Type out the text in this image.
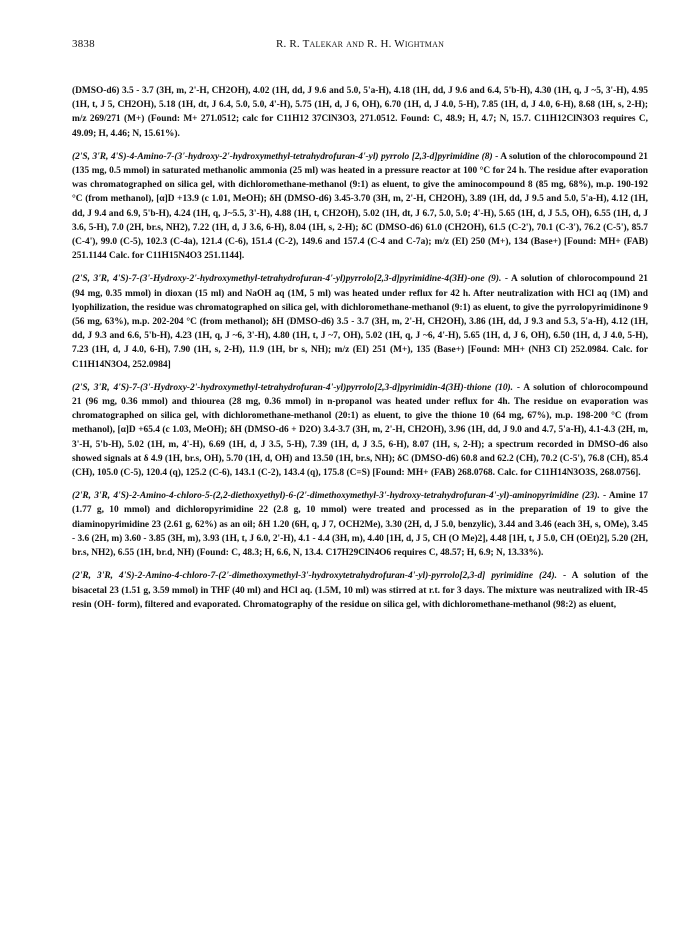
3838	R. R. Talekar and R. H. Wightman

(DMSO-d6) 3.5 - 3.7 (3H, m, 2'-H, CH2OH), 4.02 (1H, dd, J 9.6 and 5.0, 5'a-H), 4.18 (1H, dd, J 9.6 and 6.4, 5'b-H), 4.30 (1H, q, J ~5, 3'-H), 4.95 (1H, t, J 5, CH2OH), 5.18 (1H, dt, J 6.4, 5.0, 5.0, 4'-H), 5.75 (1H, d, J 6, OH), 6.70 (1H, d, J 4.0, 5-H), 7.85 (1H, d, J 4.0, 6-H), 8.68 (1H, s, 2-H); m/z 269/271 (M+) (Found: M+ 271.0512; calc for C11H12 37ClN3O3, 271.0512. Found: C, 48.9; H, 4.7; N, 15.7. C11H12ClN3O3 requires C, 49.09; H, 4.46; N, 15.61%).

(2'S, 3'R, 4'S)-4-Amino-7-(3'-hydroxy-2'-hydroxymethyl-tetrahydrofuran-4'-yl) pyrrolo [2,3-d]pyrimidine (8) - A solution of the chlorocompound 21 (135 mg, 0.5 mmol) in saturated methanolic ammonia (25 ml) was heated in a pressure reactor at 100 °C for 24 h. The residue after evaporation was chromatographed on silica gel, with dichloromethane-methanol (9:1) as eluent, to give the aminocompound 8 (85 mg, 68%), m.p. 190-192 °C (from methanol), [α]D +13.9 (c 1.01, MeOH); δH (DMSO-d6) 3.45-3.70 (3H, m, 2'-H, CH2OH), 3.89 (1H, dd, J 9.5 and 5.0, 5'a-H), 4.12 (1H, dd, J 9.4 and 6.9, 5'b-H), 4.24 (1H, q, J~5.5, 3'-H), 4.88 (1H, t, CH2OH), 5.02 (1H, dt, J 6.7, 5.0, 5.0; 4'-H), 5.65 (1H, d, J 5.5, OH), 6.55 (1H, d, J 3.6, 5-H), 7.0 (2H, br.s, NH2), 7.22 (1H, d, J 3.6, 6-H), 8.04 (1H, s, 2-H); δC (DMSO-d6) 61.0 (CH2OH), 61.5 (C-2'), 70.1 (C-3'), 76.2 (C-5'), 85.7 (C-4'), 99.0 (C-5), 102.3 (C-4a), 121.4 (C-6), 151.4 (C-2), 149.6 and 157.4 (C-4 and C-7a); m/z (EI) 250 (M+), 134 (Base+) [Found: MH+ (FAB) 251.1144 Calc. for C11H15N4O3 251.1144].

(2'S, 3'R, 4'S)-7-(3'-Hydroxy-2'-hydroxymethyl-tetrahydrofuran-4'-yl)pyrrolo[2,3-d]pyrimidine-4(3H)-one (9). - A solution of chlorocompound 21 (94 mg, 0.35 mmol) in dioxan (15 ml) and NaOH aq (1M, 5 ml) was heated under reflux for 42 h. After neutralization with HCl aq (1M) and lyophilization, the residue was chromatographed on silica gel, with dichloromethane-methanol (9:1) as eluent, to give the pyrrolopyrimidinone 9 (56 mg, 63%), m.p. 202-204 °C (from methanol); δH (DMSO-d6) 3.5 - 3.7 (3H, m, 2'-H, CH2OH), 3.86 (1H, dd, J 9.3 and 5.3, 5'a-H), 4.12 (1H, dd, J 9.3 and 6.6, 5'b-H), 4.23 (1H, q, J ~6, 3'-H), 4.80 (1H, t, J ~7, OH), 5.02 (1H, q, J ~6, 4'-H), 5.65 (1H, d, J 6, OH), 6.50 (1H, d, J 4.0, 5-H), 7.23 (1H, d, J 4.0, 6-H), 7.90 (1H, s, 2-H), 11.9 (1H, br s, NH); m/z (EI) 251 (M+), 135 (Base+) [Found: MH+ (NH3 CI) 252.0984. Calc. for C11H14N3O4, 252.0984]

(2'S, 3'R, 4'S)-7-(3'-Hydroxy-2'-hydroxymethyl-tetrahydrofuran-4'-yl)pyrrolo[2,3-d]pyrimidin-4(3H)-thione (10). - A solution of chlorocompound 21 (96 mg, 0.36 mmol) and thiourea (28 mg, 0.36 mmol) in n-propanol was heated under reflux for 4h. The residue on evaporation was chromatographed on silica gel, with dichloromethane-methanol (20:1) as eluent, to give the thione 10 (64 mg, 67%), m.p. 198-200 °C (from methanol), [α]D +65.4 (c 1.03, MeOH); δH (DMSO-d6 + D2O) 3.4-3.7 (3H, m, 2'-H, CH2OH), 3.96 (1H, dd, J 9.0 and 4.7, 5'a-H), 4.1-4.3 (2H, m, 3'-H, 5'b-H), 5.02 (1H, m, 4'-H), 6.69 (1H, d, J 3.5, 5-H), 7.39 (1H, d, J 3.5, 6-H), 8.07 (1H, s, 2-H); a spectrum recorded in DMSO-d6 also showed signals at δ 4.9 (1H, br.s, OH), 5.70 (1H, d, OH) and 13.50 (1H, br.s, NH); δC (DMSO-d6) 60.8 and 62.2 (CH), 70.2 (C-5'), 76.8 (CH), 85.4 (CH), 105.0 (C-5), 120.4 (q), 125.2 (C-6), 143.1 (C-2), 143.4 (q), 175.8 (C=S) [Found: MH+ (FAB) 268.0768. Calc. for C11H14N3O3S, 268.0756].

(2'R, 3'R, 4'S)-2-Amino-4-chloro-5-(2,2-diethoxyethyl)-6-(2'-dimethoxymethyl-3'-hydroxy-tetrahydrofuran-4'-yl)-aminopyrimidine (23). - Amine 17 (1.77 g, 10 mmol) and dichloropyrimidine 22 (2.8 g, 10 mmol) were treated and processed as in the preparation of 19 to give the diaminopyrimidine 23 (2.61 g, 62%) as an oil; δH 1.20 (6H, q, J 7, OCH2Me), 3.30 (2H, d, J 5.0, benzylic), 3.44 and 3.46 (each 3H, s, OMe), 3.45 - 3.6 (2H, m) 3.60 - 3.85 (3H, m), 3.93 (1H, t, J 6.0, 2'-H), 4.1 - 4.4 (3H, m), 4.40 [1H, d, J 5, CH (O Me)2], 4.48 [1H, t, J 5.0, CH (OEt)2], 5.20 (2H, br.s, NH2), 6.55 (1H, br.d, NH) (Found: C, 48.3; H, 6.6, N, 13.4. C17H29ClN4O6 requires C, 48.57; H, 6.9; N, 13.33%).

(2'R, 3'R, 4'S)-2-Amino-4-chloro-7-(2'-dimethoxymethyl-3'-hydroxytetrahydrofuran-4'-yl)-pyrrolo[2,3-d] pyrimidine (24). - A solution of the bisacetal 23 (1.51 g, 3.59 mmol) in THF (40 ml) and HCl aq. (1.5M, 10 ml) was stirred at r.t. for 3 days. The mixture was neutralized with IR-45 resin (OH- form), filtered and evaporated. Chromatography of the residue on silica gel, with dichloromethane-methanol (98:2) as eluent,
